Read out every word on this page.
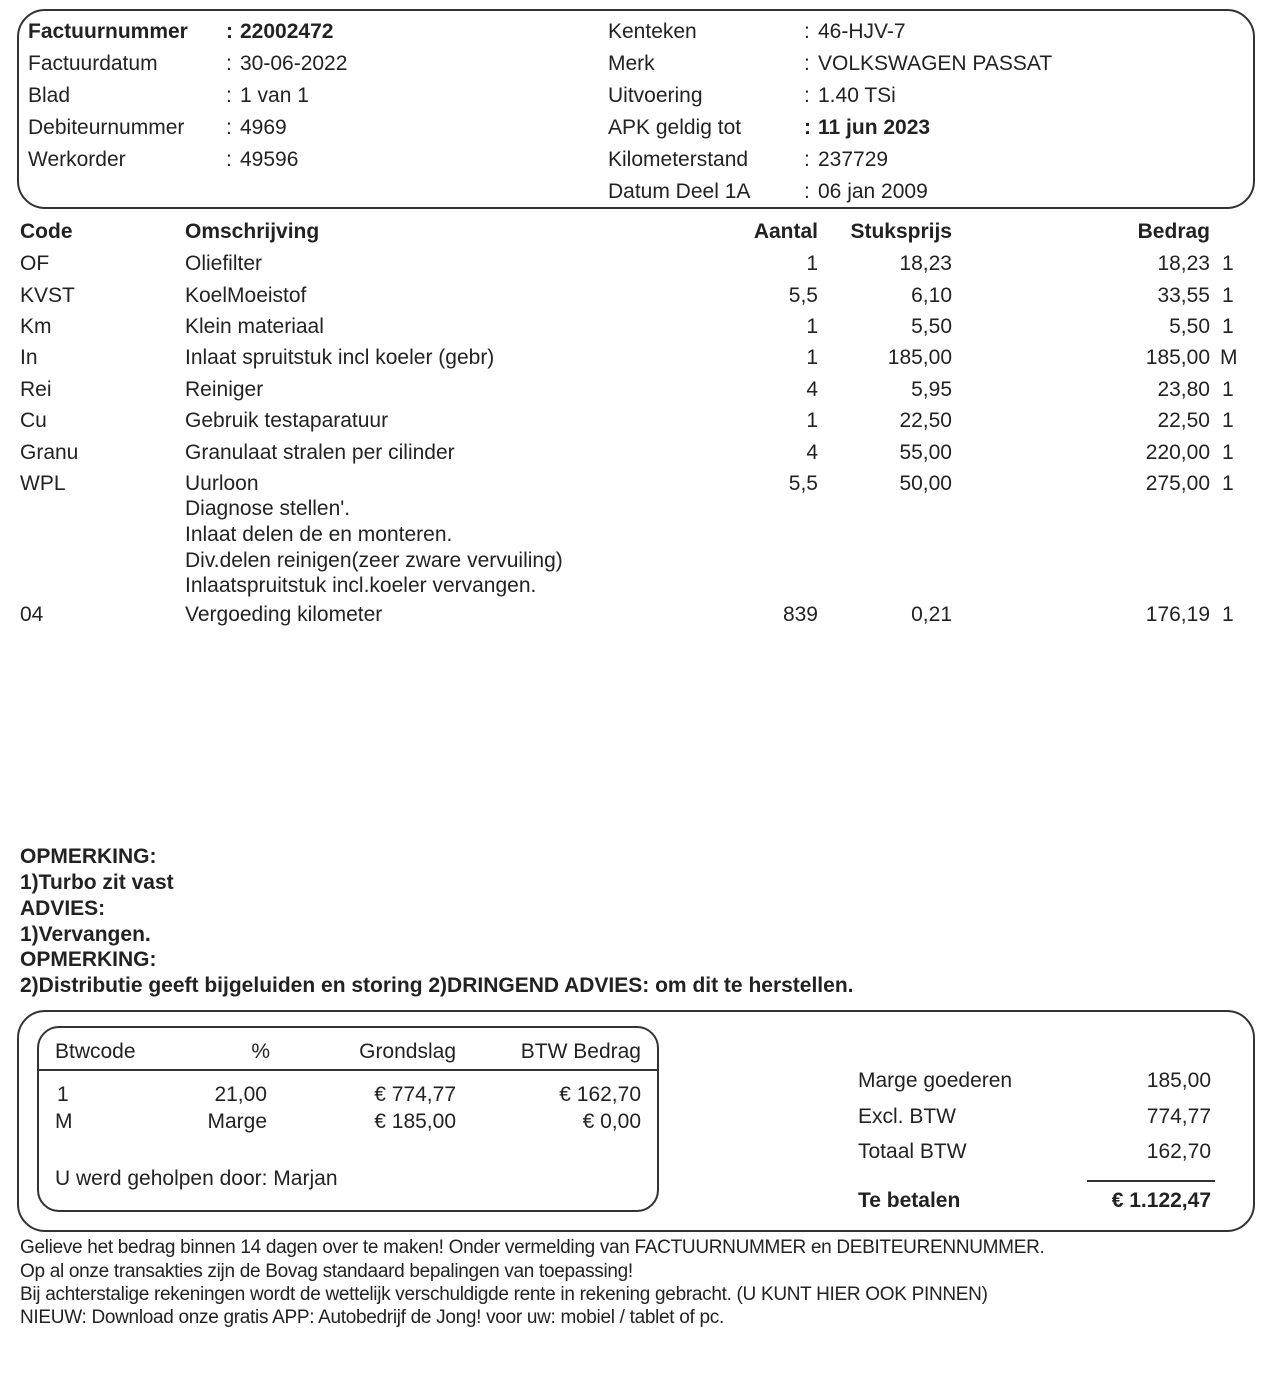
Factuurnummer : 22002472
Factuurdatum	: 30-06-2022
Blad	: 1 van 1
Debiteurnummer : 4969
Werkorder	: 49596
Kenteken	: 46-HJV-7
Merk	: VOLKSWAGEN PASSAT
Uitvoering	: 1.40 TSi
APK geldig tot	: 11 jun 2023
Kilometerstand	: 237729
Datum Deel 1A	: 06 jan 2009
Code	Omschrijving	Aantal	Stuksprijs	Bedrag
OF	Oliefilter	1	18,23	18,23 1
KVST	KoelMoeistof	5,5	6,10	33,55 1
Km	Klein materiaal	1	5,50	5,50 1
In	Inlaat spruitstuk incl koeler (gebr)	1	185,00	185,00 M
Rei	Reiniger	4	5,95	23,80 1
Cu	Gebruik testaparatuur	1	22,50	22,50 1
Granu	Granulaat stralen per cilinder	4	55,00	220,00 1
WPL	Uurloon	5,5	50,00	275,00 1
Diagnose stellen'.
Inlaat delen de en monteren.
Div.delen reinigen(zeer zware vervuiling)
Inlaatspruitstuk incl.koeler vervangen.
04	Vergoeding kilometer	839	0,21	176,19 1
OPMERKING:
1)Turbo zit vast
ADVIES:
1)Vervangen.
OPMERKING:
2)Distributie geeft bijgeluiden en storing 2)DRINGEND ADVIES: om dit te herstellen.
Btwcode	%	Grondslag	BTW Bedrag
1	21,00	€ 774,77	€ 162,70
M	Marge	€ 185,00	€ 0,00
U werd geholpen door: Marjan
Marge goederen	185,00
Excl. BTW	774,77
Totaal BTW	162,70
Te betalen	€ 1.122,47
Gelieve het bedrag binnen 14 dagen over te maken! Onder vermelding van FACTUURNUMMER en DEBITEURENNUMMER.
Op al onze transakties zijn de Bovag standaard bepalingen van toepassing!
Bij achterstalige rekeningen wordt de wettelijk verschuldigde rente in rekening gebracht. (U KUNT HIER OOK PINNEN)
NIEUW: Download onze gratis APP: Autobedrijf de Jong! voor uw: mobiel / tablet of pc.
